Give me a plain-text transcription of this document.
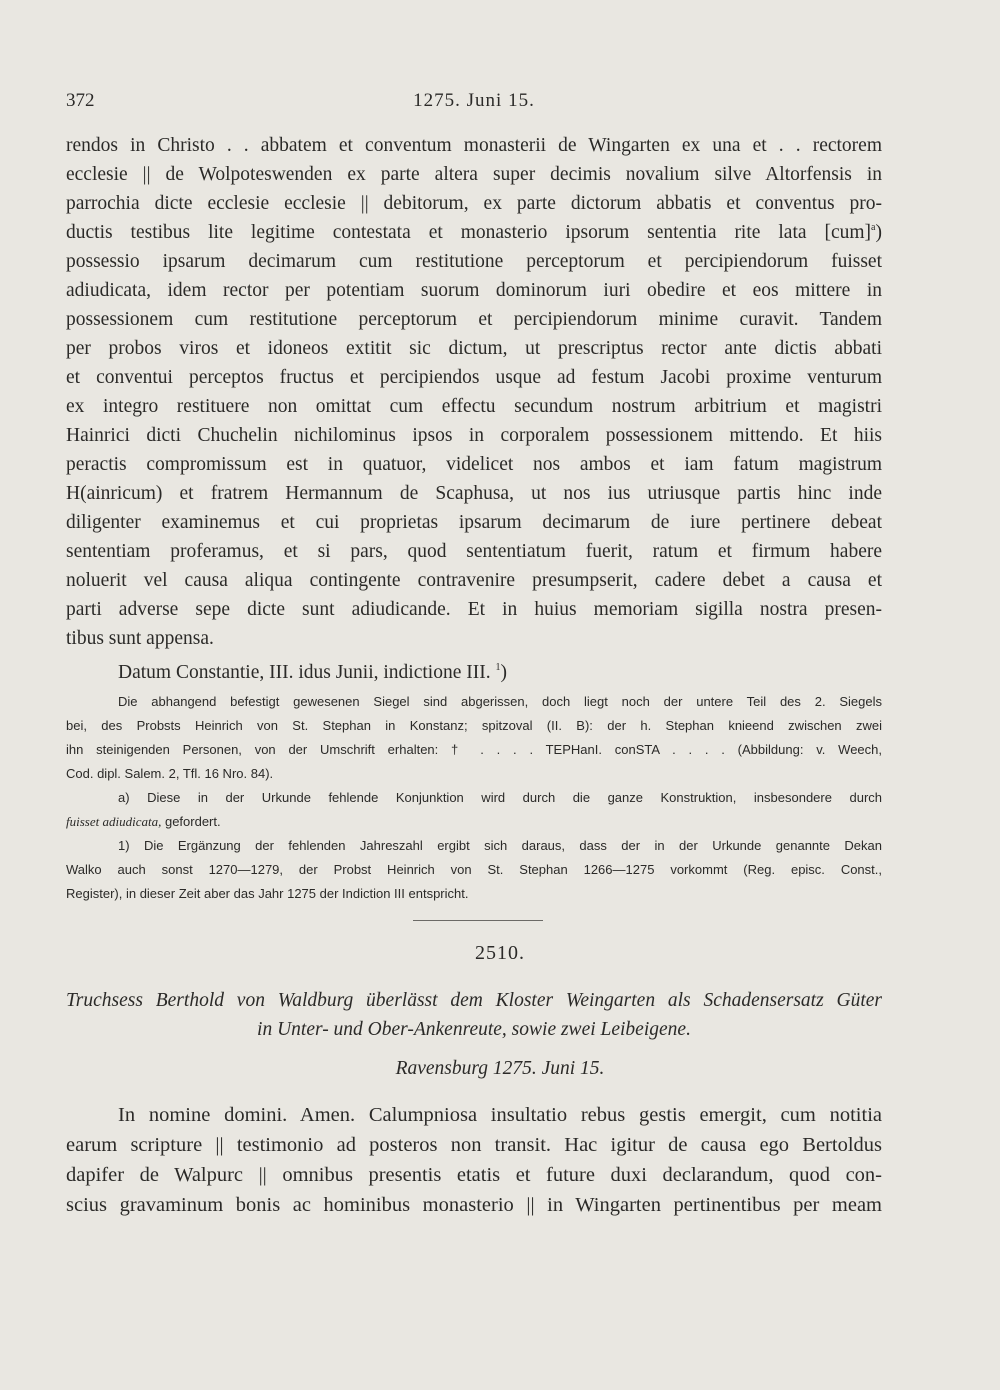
372	1275. Juni 15.
rendos in Christo . . abbatem et conventum monasterii de Wingarten ex una et . . rectorem
ecclesie || de Wolpoteswenden ex parte altera super decimis novalium silve Altorfensis in
parrochia dicte ecclesie ecclesie || debitorum, ex parte dictorum abbatis et conventus pro-
ductis testibus lite legitime contestata et monasterio ipsorum sententia rite lata [cum]$^a$)
possessio ipsarum decimarum cum restitutione perceptorum et percipiendorum fuisset
adiudicata, idem rector per potentiam suorum dominorum iuri obedire et eos mittere in
possessionem cum restitutione perceptorum et percipiendorum minime curavit. Tandem
per probos viros et idoneos extitit sic dictum, ut prescriptus rector ante dictis abbati
et conventui perceptos fructus et percipiendos usque ad festum Jacobi proxime venturum
ex integro restituere non omittat cum effectu secundum nostrum arbitrium et magistri
Hainrici dicti Chuchelin nichilominus ipsos in corporalem possessionem mittendo. Et hiis
peractis compromissum est in quatuor, videlicet nos ambos et iam fatum magistrum
H(ainricum) et fratrem Hermannum de Scaphusa, ut nos ius utriusque partis hinc inde
diligenter examinemus et cui proprietas ipsarum decimarum de iure pertinere debeat
sententiam proferamus, et si pars, quod sententiatum fuerit, ratum et firmum habere
noluerit vel causa aliqua contingente contravenire presumpserit, cadere debet a causa et
parti adverse sepe dicte sunt adiudicande. Et in huius memoriam sigilla nostra presen-
tibus sunt appensa.
Datum Constantie, III. idus Junii, indictione III. $^1$)
Die abhangend befestigt gewesenen Siegel sind abgerissen, doch liegt noch der untere Teil des 2. Siegels
bei, des Probsts Heinrich von St. Stephan in Konstanz; spitzoval (II. B): der h. Stephan knieend zwischen zwei
ihn steinigenden Personen, von der Umschrift erhalten: † . . . . TEPHanI. conSTA . . . . (Abbildung: v. Weech,
Cod. dipl. Salem. 2, Tfl. 16 Nro. 84).
a) Diese in der Urkunde fehlende Konjunktion wird durch die ganze Konstruktion, insbesondere durch
fuisset adiudicata, gefordert.
1) Die Ergänzung der fehlenden Jahreszahl ergibt sich daraus, dass der in der Urkunde genannte Dekan
Walko auch sonst 1270—1279, der Probst Heinrich von St. Stephan 1266—1275 vorkommt (Reg. episc. Const.,
Register), in dieser Zeit aber das Jahr 1275 der Indiction III entspricht.
2510.
Truchsess Berthold von Waldburg überlässt dem Kloster Weingarten als Schadensersatz Güter

in Unter- und Ober-Ankenreute, sowie zwei Leibeigene.

Ravensburg 1275. Juni 15.
In nomine domini. Amen. Calumpniosa insultatio rebus gestis emergit, cum notitia
earum scripture || testimonio ad posteros non transit. Hac igitur de causa ego Bertoldus
dapifer de Walpurc || omnibus presentis etatis et future duxi declarandum, quod con-
scius gravaminum bonis ac hominibus monasterio || in Wingarten pertinentibus per meam
